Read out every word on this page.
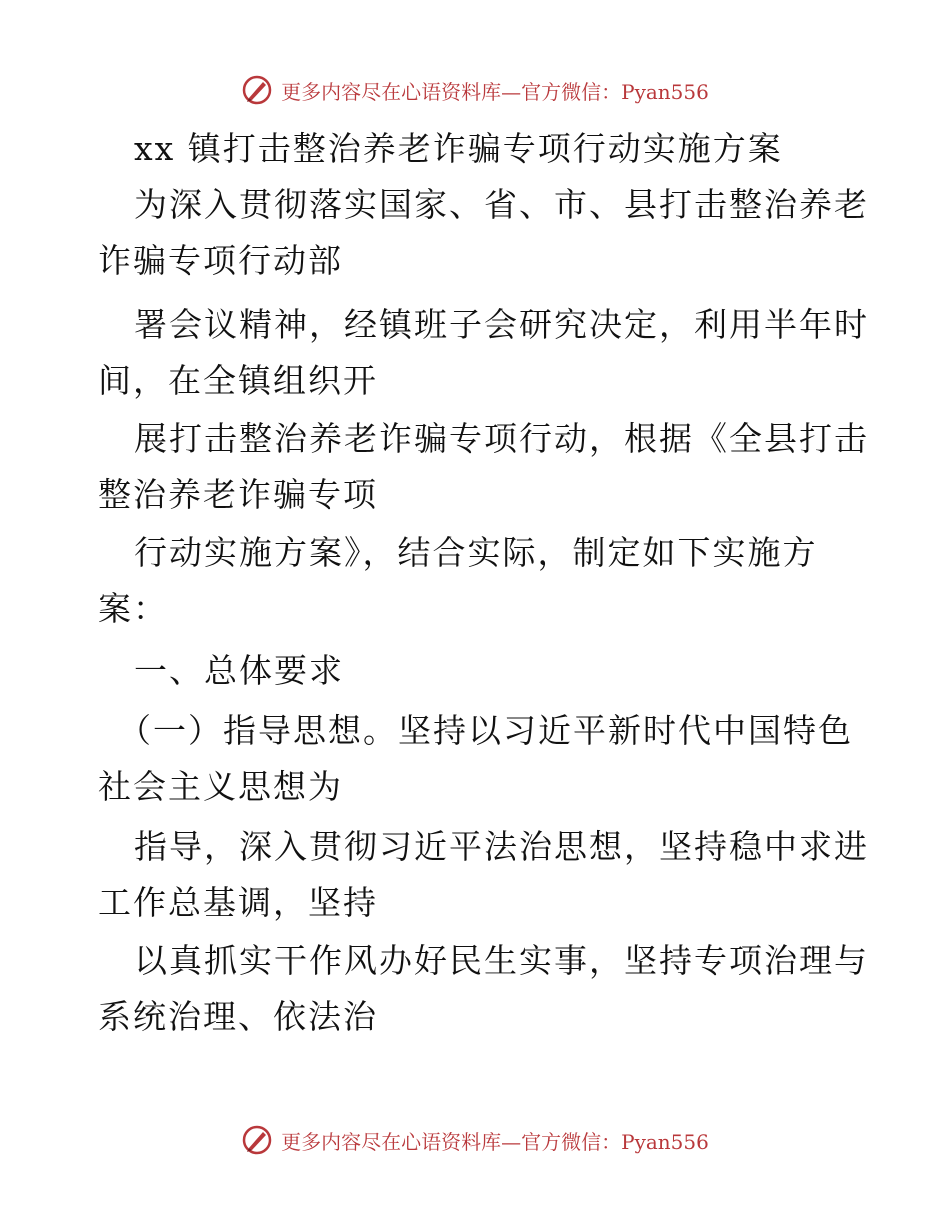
更多内容尽在心语资料库—官方微信：Pyan556
xx 镇打击整治养老诈骗专项行动实施方案
为深入贯彻落实国家、省、市、县打击整治养老
诈骗专项行动部
署会议精神，经镇班子会研究决定，利用半年时
间，在全镇组织开
展打击整治养老诈骗专项行动，根据《全县打击
整治养老诈骗专项
行动实施方案》，结合实际，制定如下实施方
案：
一、总体要求
（一）指导思想。坚持以习近平新时代中国特色
社会主义思想为
指导，深入贯彻习近平法治思想，坚持稳中求进
工作总基调，坚持
以真抓实干作风办好民生实事，坚持专项治理与
系统治理、依法治
更多内容尽在心语资料库—官方微信：Pyan556
